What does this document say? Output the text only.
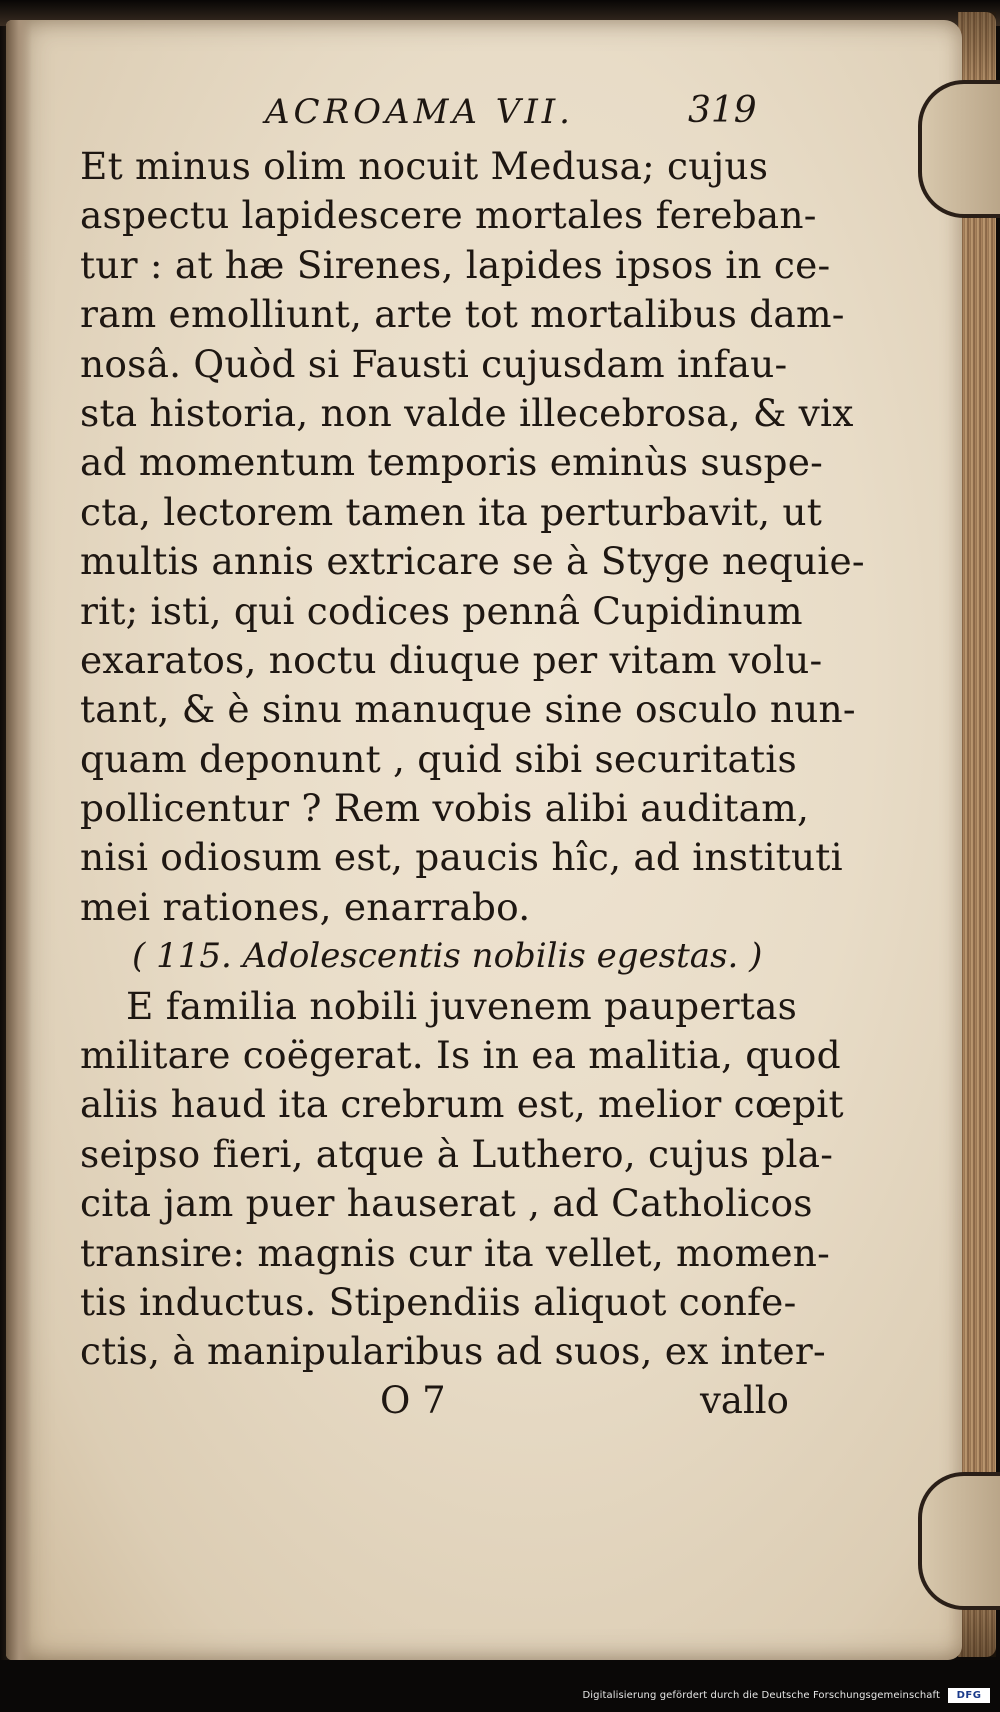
ACROAMA VII.	319
Et minus olim nocuit Medusa; cujus
aspectu lapidescere mortales fereban-
tur : at hæ Sirenes, lapides ipsos in ce-
ram emolliunt, arte tot mortalibus dam-
nosâ. Quòd si Fausti cujusdam infau-
sta historia, non valde illecebrosa, & vix
ad momentum temporis eminùs suspe-
cta, lectorem tamen ita perturbavit, ut
multis annis extricare se à Styge nequie-
rit; isti, qui codices pennâ Cupidinum
exaratos, noctu diuque per vitam volu-
tant, & è sinu manuque sine osculo nun-
quam deponunt , quid sibi securitatis
pollicentur ? Rem vobis alibi auditam,
nisi odiosum est, paucis hîc, ad instituti
mei rationes, enarrabo.
( 115. Adolescentis nobilis egestas. )
E familia nobili juvenem paupertas
militare coëgerat. Is in ea malitia, quod
aliis haud ita crebrum est, melior cœpit
seipso fieri, atque à Luthero, cujus pla-
cita jam puer hauserat , ad Catholicos
transire: magnis cur ita vellet, momen-
tis inductus. Stipendiis aliquot confe-
ctis, à manipularibus ad suos, ex inter-
O 7	vallo
Digitalisierung gefördert durch die Deutsche Forschungsgemeinschaft	DFG
